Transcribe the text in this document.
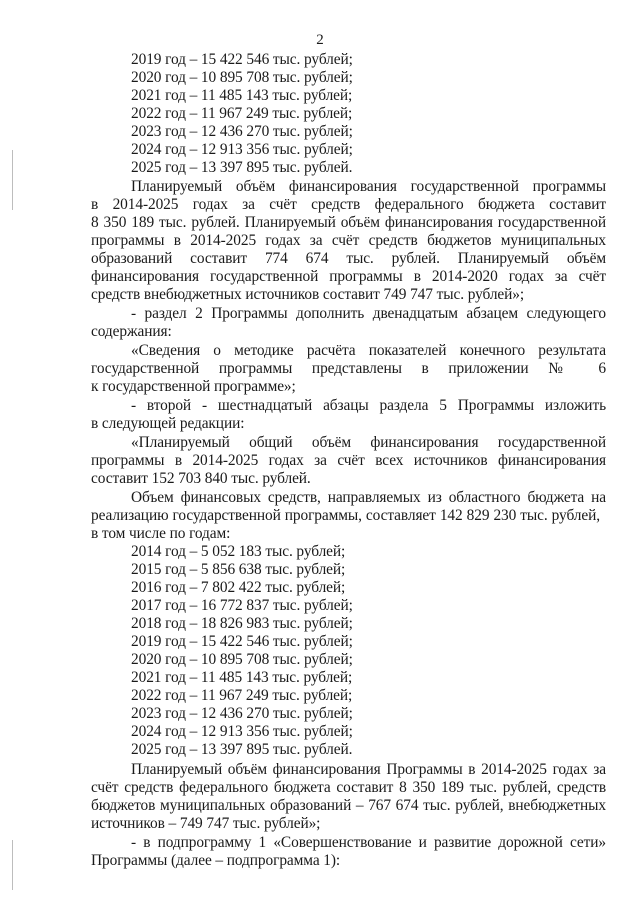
2
2019 год – 15 422 546 тыс. рублей;
2020 год – 10 895 708 тыс. рублей;
2021 год – 11 485 143 тыс. рублей;
2022 год – 11 967 249 тыс. рублей;
2023 год – 12 436 270 тыс. рублей;
2024 год – 12 913 356 тыс. рублей;
2025 год – 13 397 895 тыс. рублей.
Планируемый объём финансирования государственной программы
в 2014-2025 годах за счёт средств федерального бюджета составит
8 350 189 тыс. рублей. Планируемый объём финансирования государственной
программы в 2014-2025 годах за счёт средств бюджетов муниципальных
образований составит 774 674 тыс. рублей. Планируемый объём
финансирования государственной программы в 2014-2020 годах за счёт
средств внебюджетных источников составит 749 747 тыс. рублей»;
- раздел 2 Программы дополнить двенадцатым абзацем следующего
содержания:
«Сведения о методике расчёта показателей конечного результата
государственной программы представлены в приложении № 6
к государственной программе»;
- второй - шестнадцатый абзацы раздела 5 Программы изложить
в следующей редакции:
«Планируемый общий объём финансирования государственной
программы в 2014-2025 годах за счёт всех источников финансирования
составит 152 703 840 тыс. рублей.
Объем финансовых средств, направляемых из областного бюджета на
реализацию государственной программы, составляет 142 829 230 тыс. рублей,
в том числе по годам:
2014 год – 5 052 183 тыс. рублей;
2015 год – 5 856 638 тыс. рублей;
2016 год – 7 802 422 тыс. рублей;
2017 год – 16 772 837 тыс. рублей;
2018 год – 18 826 983 тыс. рублей;
2019 год – 15 422 546 тыс. рублей;
2020 год – 10 895 708 тыс. рублей;
2021 год – 11 485 143 тыс. рублей;
2022 год – 11 967 249 тыс. рублей;
2023 год – 12 436 270 тыс. рублей;
2024 год – 12 913 356 тыс. рублей;
2025 год – 13 397 895 тыс. рублей.
Планируемый объём финансирования Программы в 2014-2025 годах за
счёт средств федерального бюджета составит 8 350 189 тыс. рублей, средств
бюджетов муниципальных образований – 767 674 тыс. рублей, внебюджетных
источников – 749 747 тыс. рублей»;
- в подпрограмму 1 «Совершенствование и развитие дорожной сети»
Программы (далее – подпрограмма 1):
